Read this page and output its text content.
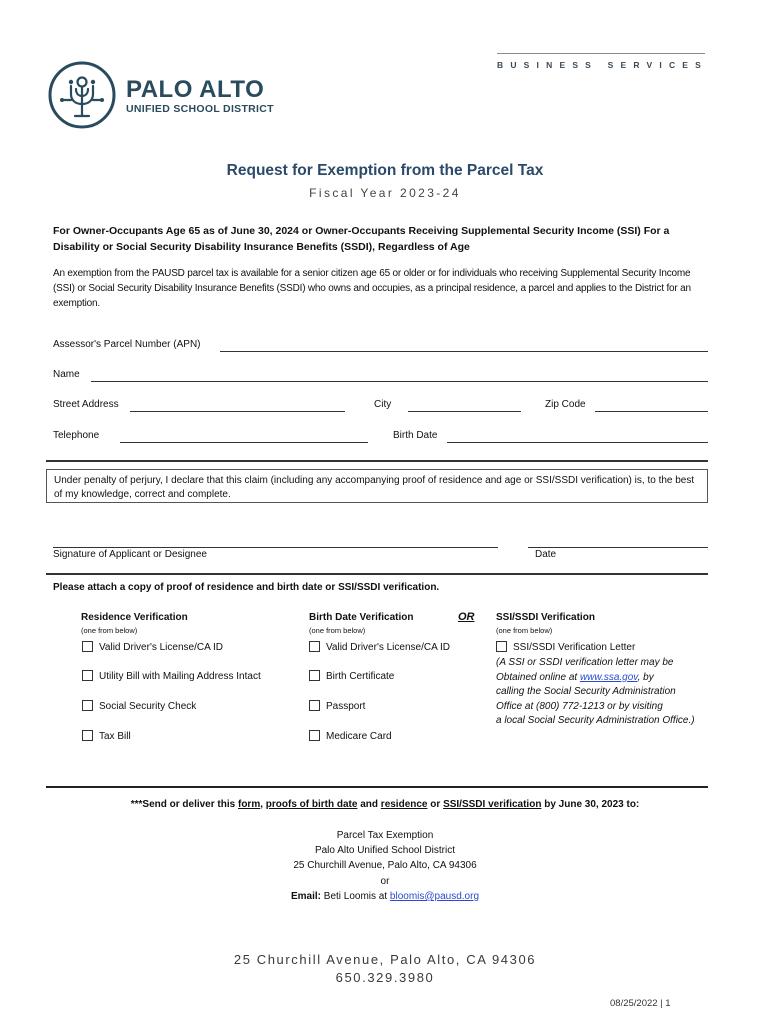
BUSINESS SERVICES
PALO ALTO
UNIFIED SCHOOL DISTRICT
Request for Exemption from the Parcel Tax
Fiscal Year 2023-24
For Owner-Occupants Age 65 as of June 30, 2024 or Owner-Occupants Receiving Supplemental Security Income (SSI) For a Disability or Social Security Disability Insurance Benefits (SSDI), Regardless of Age
An exemption from the PAUSD parcel tax is available for a senior citizen age 65 or older or for individuals who receiving Supplemental Security Income (SSI) or Social Security Disability Insurance Benefits (SSDI) who owns and occupies, as a principal residence, a parcel and applies to the District for an exemption.
Assessor's Parcel Number (APN)
Name
Street Address	City	Zip Code
Telephone	Birth Date
Under penalty of perjury, I declare that this claim (including any accompanying proof of residence and age or SSI/SSDI verification) is, to the best of my knowledge, correct and complete.
Signature of Applicant or Designee	Date
Please attach a copy of proof of residence and birth date or SSI/SSDI verification.
Residence Verification
(one from below)
Valid Driver's License/CA ID
Utility Bill with Mailing Address Intact
Social Security Check
Tax Bill
Birth Date Verification
(one from below)
OR
Valid Driver's License/CA ID
Birth Certificate
Passport
Medicare Card
SSI/SSDI Verification
(one from below)
SSI/SSDI Verification Letter
(A SSI or SSDI verification letter may be
Obtained online at www.ssa.gov, by
calling the Social Security Administration
Office at (800) 772-1213 or by visiting
a local Social Security Administration Office.)
***Send or deliver this form, proofs of birth date and residence or SSI/SSDI verification by June 30, 2023 to:
Parcel Tax Exemption
Palo Alto Unified School District
25 Churchill Avenue, Palo Alto, CA 94306
or
Email: Beti Loomis at bloomis@pausd.org
25 Churchill Avenue, Palo Alto, CA 94306
650.329.3980
08/25/2022 | 1
